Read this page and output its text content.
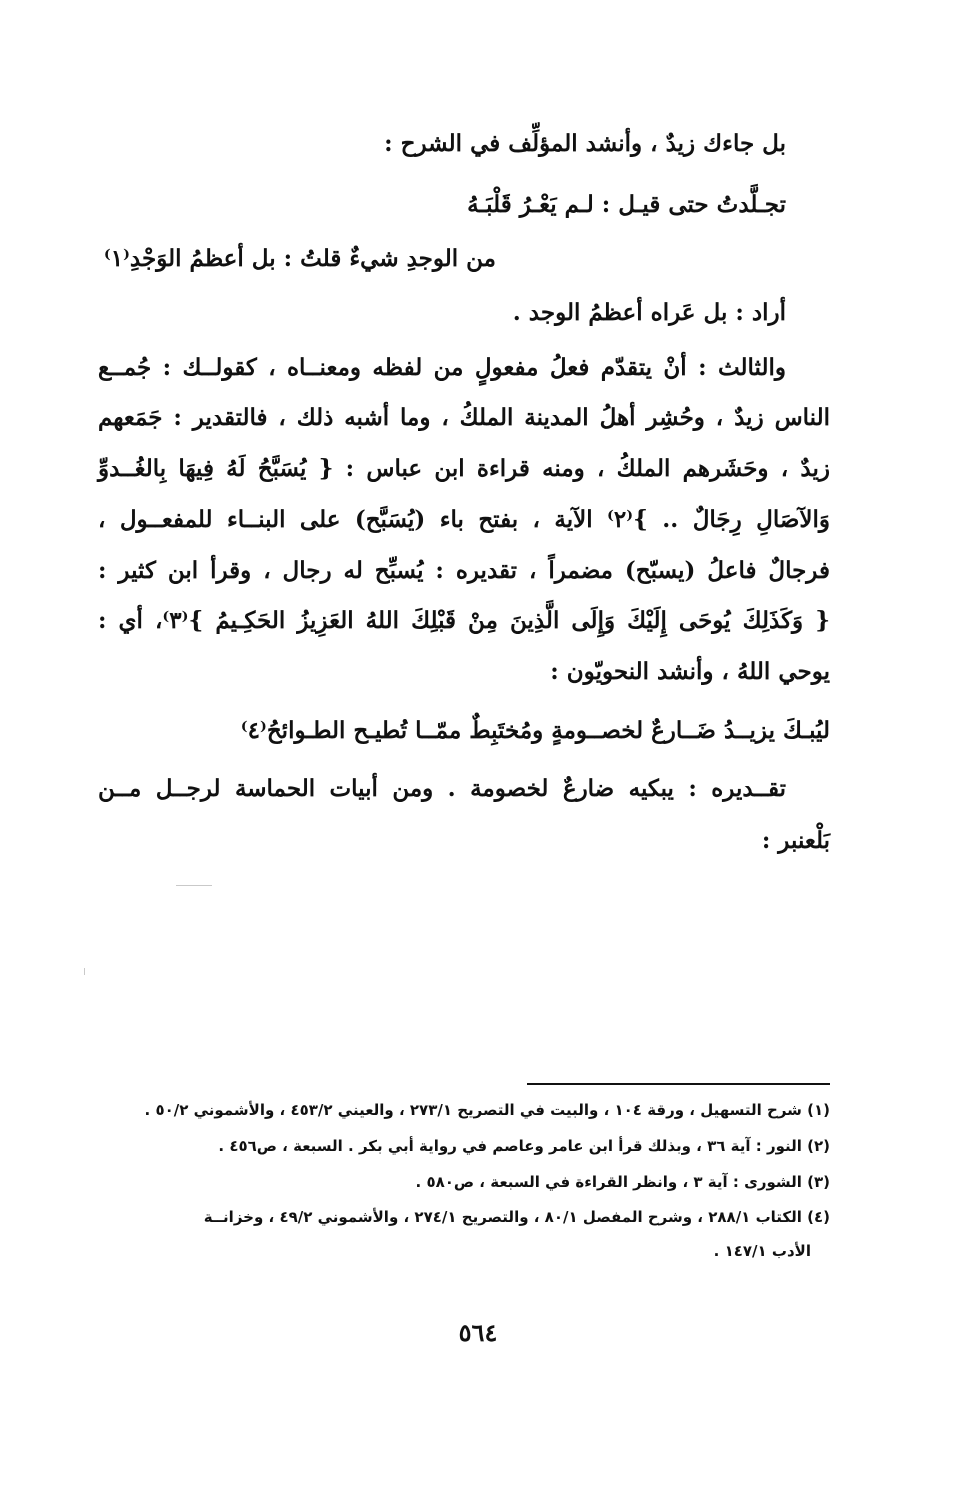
بل جاءك زيدٌ ، وأنشد المؤلِّف في الشرح :
تجـلَّدتُ حتى قيـل : لـم يَعْـرُ قَلْبَـهُ
من الوجدِ شيءٌ قلتُ : بل أعظمُ الوَجْدِ⁽١⁾
أراد : بل عَراه أعظمُ الوجد .
والثالث : أنْ يتقدّم فعلُ مفعولٍ من لفظه ومعنــاه ، كقولــك : جُمــع
الناس زيدٌ ، وحُشِر أهلُ المدينة الملكُ ، وما أشبه ذلك ، فالتقدير : جَمَعهم
زيدٌ ، وحَشَرهم الملكُ ، ومنه قراءة ابن عباس : { يُسَبَّحُ لَهُ فِيهَا بِالغُــدوِّ
وَالآصَالِ رِجَالٌ .. }⁽٢⁾ الآية ، بفتح باء (يُسَبَّح) على البنــاء للمفعــول ،
فرجالٌ فاعلُ (يسبّح) مضمراً ، تقديره : يُسبِّح له رجال ، وقرأ ابن كثير :
{ وَكَذَلِكَ يُوحَى إِلَيْكَ وَإِلَى الَّذِينَ مِنْ قَبْلِكَ اللهُ العَزِيزُ الحَكِـيمُ }⁽٣⁾، أي :
يوحي اللهُ ، وأنشد النحويّون :
ليُبـكَ يزيــدُ ضَــارعٌ لخصــومةٍ ومُختَبِطٌ ممّــا تُطيـح الطـوائحُ⁽٤⁾
تقــديره : يبكيه ضارعٌ لخصومة . ومن أبيات الحماسة لرجــل مــن
بَلْعنبر :
(١) شرح التسهيل ، ورقة ١٠٤ ، والبيت في التصريح ٢٧٣/١ ، والعيني ٤٥٣/٢ ، والأشموني ٥٠/٢ .
(٢) النور : آية ٣٦ ، وبذلك قرأ ابن عامر وعاصم في رواية أبي بكر . السبعة ، ص٤٥٦ .
(٣) الشورى : آية ٣ ، وانظر القراءة في السبعة ، ص٥٨٠ .
(٤) الكتاب ٢٨٨/١ ، وشرح المفصل ٨٠/١ ، والتصريح ٢٧٤/١ ، والأشموني ٤٩/٢ ، وخزانــة
الأدب ١٤٧/١ .
٥٦٤
